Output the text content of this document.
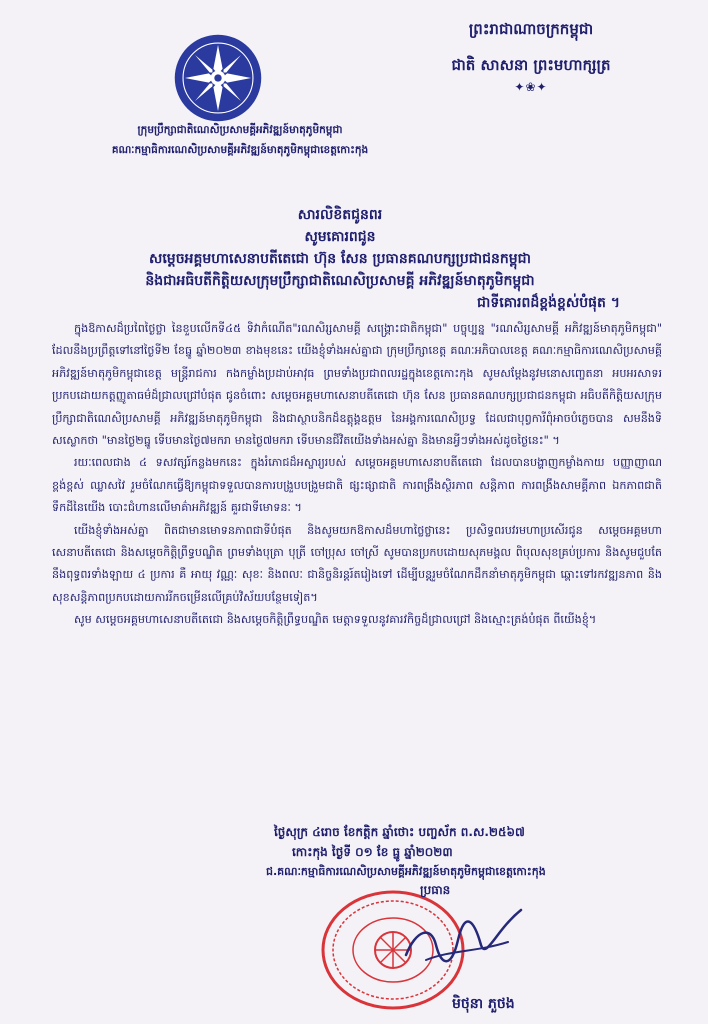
ព្រះរាជាណាចក្រកម្ពុជា
ជាតិ សាសនា ព្រះមហាក្សត្រ
✦❀✦
ក្រុមប្រឹក្សាជាតិណេសិប្រសាមគ្គីអភិវឌ្ឍន៍មាតុភូមិកម្ពុជា
គណៈកម្មាធិការណេសិប្រសាមគ្គីអភិវឌ្ឍន៍មាតុភូមិកម្ពុជាខេត្តកោះកុង
សារលិខិតជូនពរ
សូមគោរពជូន
សម្តេចអគ្គមហាសេនាបតីតេជោ ហ៊ុន សែន ប្រធានគណបក្សប្រជាជនកម្ពុជា
និងជាអធិបតីកិត្តិយសក្រុមប្រឹក្សាជាតិណេសិប្រសាមគ្គី អភិវឌ្ឍន៍មាតុភូមិកម្ពុជា
ជាទីគោរពដ៏ខ្ពង់ខ្ពស់បំផុត ។

ក្នុងឱកាសដ៏ប្រពៃថ្ងៃថ្លា នៃខួបលើកទី៤៥ ទិវាកំណើត"រណសិរ្សសាមគ្គី សង្គ្រោះជាតិកម្ពុជា" បច្ចុប្បន្ន "រណសិរ្សសាមគ្គី អភិវឌ្ឍន៍មាតុភូមិកម្ពុជា" ដែលនឹងប្រព្រឹត្តទៅនៅថ្ងៃទី២ ខែធ្នូ ឆ្នាំ២០២៣ ខាងមុខនេះ យើងខ្ញុំទាំងអស់គ្នាជា ក្រុមប្រឹក្សាខេត្ត គណៈអភិបាលខេត្ត គណៈកម្មាធិការណេសិប្រសាមគ្គីអភិវឌ្ឍន៍មាតុភូមិកម្ពុជាខេត្ត មន្ត្រីរាជការ កងកម្លាំងប្រដាប់អាវុធ ព្រមទាំងប្រជាពលរដ្ឋក្នុងខេត្តកោះកុង សូមសម្តែងនូវមនោសញ្ចេតនា អបអរសាទរ ប្រកបដោយកត្តញ្ញូតាធម៌ដ៏ជ្រាលជ្រៅបំផុត ជូនចំពោះ សម្តេចអគ្គមហាសេនាបតីតេជោ ហ៊ុន សែន ប្រធានគណបក្សប្រជាជនកម្ពុជា អធិបតីកិត្តិយសក្រុមប្រឹក្សាជាតិណេសិប្រសាមគ្គី អភិវឌ្ឍន៍មាតុភូមិកម្ពុជា និងជាស្ថាបនិកដ៏ឧត្តុង្គឧត្តម នៃអង្គការណេសិប្រទ្វ ដែលជាបុព្វការីពុំអាចបំភ្លេចបាន សមនឹងទិសស្លោកថា "មានថ្ងៃ២ធ្នូ ទើបមានថ្ងៃ៧មករា មានថ្ងៃ៧មករា ទើបមានជីវិតយើងទាំងអស់គ្នា និងមានអ្វីៗទាំងអស់ដូចថ្ងៃនេះ" ។

រយៈពេលជាង ៤ ទសវត្សរ៍កន្លងមកនេះ ក្នុងរំភោជដ៏អស្ចារ្យរបស់ សម្តេចអគ្គមហាសេនាបតីតេជោ ដែលបានបង្ហាញកម្លាំងកាយ បញ្ញាញាណខ្ពង់ខ្ពស់ ឈ្លាសវៃ រួមចំណែកធ្វើឱ្យកម្ពុជាទទួលបានការបង្រួបបង្រួមជាតិ ផ្សះផ្សាជាតិ ការពង្រឹងស្ថិរភាព សន្តិភាព ការពង្រឹងសាមគ្គីភាព ឯកភាពជាតិទឹកដីនៃយើង បោះជំហានលើមាគ៌ាអភិវឌ្ឍន៍ គួរជាទីមោទនៈ ។

យើងខ្ញុំទាំងអស់គ្នា ពិតជាមានមោទនភាពជាទីបំផុត និងសូមយកឱកាសដ៏មហាថ្លៃថ្លានេះ ប្រសិទ្ធពរបវរមហាប្រសើរជូន សម្តេចអគ្គមហាសេនាបតីតេជោ និងសម្តេចកិត្តិព្រឹទ្ធបណ្ឌិត ព្រមទាំងបុត្រា បុត្រី ចៅប្រុស ចៅស្រី សូមបានប្រកបដោយសុភមង្គល ពិបុលសុខគ្រប់ប្រការ និងសូមជួបតែនឹងពុទ្ធពរទាំងឡាយ ៤ ប្រការ គឺ អាយុ វណ្ណៈ សុខៈ និងពលៈ ជានិច្ចនិរន្តរ៍តរៀងទៅ ដើម្បីបន្តរួមចំណែកដឹកនាំមាតុភូមិកម្ពុជា ឆ្ពោះទៅរកវឌ្ឍនភាព និងសុខសន្តិភាពប្រកបដោយការរីកចម្រើនលើគ្រប់វិស័យបន្ថែមទៀត។

សូម សម្តេចអគ្គមហាសេនាបតីតេជោ និងសម្តេចកិត្តិព្រឹទ្ធបណ្ឌិត មេត្តាទទួលនូវគារវកិច្ចដ៏ជ្រាលជ្រៅ និងស្មោះត្រង់បំផុត ពីយើងខ្ញុំ។

ថ្ងៃសុក្រ ៤រោច ខែកត្តិក ឆ្នាំថោះ បញ្ចស័ក ព.ស.២៥៦៧
កោះកុង ថ្ងៃទី ០១ ខែ ធ្នូ ឆ្នាំ២០២៣
ជ.គណៈកម្មាធិការណេសិប្រសាមគ្គីអភិវឌ្ឍន៍មាតុភូមិកម្ពុជាខេត្តកោះកុង
ប្រធាន
មិថុនា ភួថង
